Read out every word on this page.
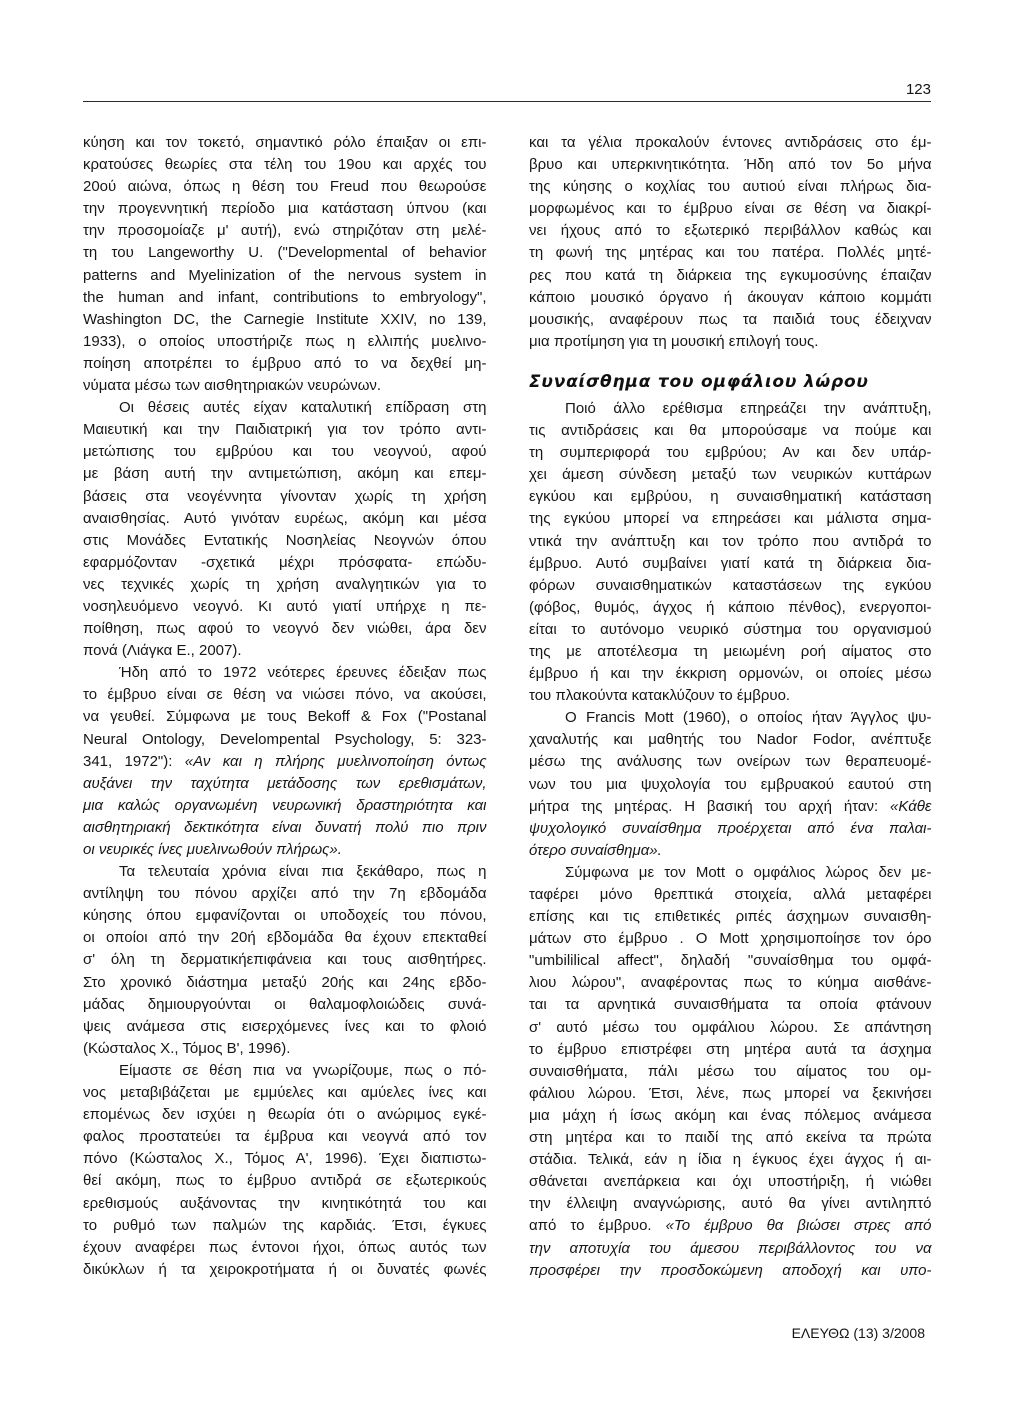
123
κύηση και τον τοκετό, σημαντικό ρόλο έπαιξαν οι επι-
κρατούσες θεωρίες στα τέλη του 19ου και αρχές του
20ού αιώνα, όπως η θέση του Freud που θεωρούσε
την προγεννητική περίοδο μια κατάσταση ύπνου (και
την προσομοίαζε μ' αυτή), ενώ στηριζόταν στη μελέ-
τη του Langeworthy U. ("Developmental of behavior
patterns and Myelinization of the nervous system in
the human and infant, contributions to embryology",
Washington DC, the Carnegie Institute XXIV, no 139,
1933), ο οποίος υποστήριζε πως η ελλιπής μυελινο-
ποίηση αποτρέπει το έμβρυο από το να δεχθεί μη-
νύματα μέσω των αισθητηριακών νευρώνων.
Οι θέσεις αυτές είχαν καταλυτική επίδραση στη
Μαιευτική και την Παιδιατρική για τον τρόπο αντι-
μετώπισης του εμβρύου και του νεογνού, αφού
με βάση αυτή την αντιμετώπιση, ακόμη και επεμ-
βάσεις στα νεογέννητα γίνονταν χωρίς τη χρήση
αναισθησίας. Αυτό γινόταν ευρέως, ακόμη και μέσα
στις Μονάδες Εντατικής Νοσηλείας Νεογνών όπου
εφαρμόζονταν -σχετικά μέχρι πρόσφατα- επώδυ-
νες τεχνικές χωρίς τη χρήση αναλγητικών για το
νοσηλευόμενο νεογνό. Κι αυτό γιατί υπήρχε η πε-
ποίθηση, πως αφού το νεογνό δεν νιώθει, άρα δεν
πονά (Λιάγκα Ε., 2007).
Ήδη από το 1972 νεότερες έρευνες έδειξαν πως
το έμβρυο είναι σε θέση να νιώσει πόνο, να ακούσει,
να γευθεί. Σύμφωνα με τους Bekoff & Fox ("Postanal
Neural Ontology, Develompental Psychology, 5: 323-
341, 1972"): «Αν και η πλήρης μυελινοποίηση όντως
αυξάνει την ταχύτητα μετάδοσης των ερεθισμάτων,
μια καλώς οργανωμένη νευρωνική δραστηριότητα και
αισθητηριακή δεκτικότητα είναι δυνατή πολύ πιο πριν
οι νευρικές ίνες μυελινωθούν πλήρως».
Τα τελευταία χρόνια είναι πια ξεκάθαρο, πως η
αντίληψη του πόνου αρχίζει από την 7η εβδομάδα
κύησης όπου εμφανίζονται οι υποδοχείς του πόνου,
οι οποίοι από την 20ή εβδομάδα θα έχουν επεκταθεί
σ' όλη τη δερματικήεπιφάνεια και τους αισθητήρες.
Στο χρονικό διάστημα μεταξύ 20ής και 24ης εβδο-
μάδας δημιουργούνται οι θαλαμοφλοιώδεις συνά-
ψεις ανάμεσα στις εισερχόμενες ίνες και το φλοιό
(Κώσταλος Χ., Τόμος Β', 1996).
Είμαστε σε θέση πια να γνωρίζουμε, πως ο πό-
νος μεταβιβάζεται με εμμύελες και αμύελες ίνες και
επομένως δεν ισχύει η θεωρία ότι ο ανώριμος εγκέ-
φαλος προστατεύει τα έμβρυα και νεογνά από τον
πόνο (Κώσταλος Χ., Τόμος Α', 1996). Έχει διαπιστω-
θεί ακόμη, πως το έμβρυο αντιδρά σε εξωτερικούς
ερεθισμούς αυξάνοντας την κινητικότητά του και
το ρυθμό των παλμών της καρδιάς. Έτσι, έγκυες
έχουν αναφέρει πως έντονοι ήχοι, όπως αυτός των
δικύκλων ή τα χειροκροτήματα ή οι δυνατές φωνές
και τα γέλια προκαλούν έντονες αντιδράσεις στο έμ-
βρυο και υπερκινητικότητα. Ήδη από τον 5ο μήνα
της κύησης ο κοχλίας του αυτιού είναι πλήρως δια-
μορφωμένος και το έμβρυο είναι σε θέση να διακρί-
νει ήχους από το εξωτερικό περιβάλλον καθώς και
τη φωνή της μητέρας και του πατέρα. Πολλές μητέ-
ρες που κατά τη διάρκεια της εγκυμοσύνης έπαιζαν
κάποιο μουσικό όργανο ή άκουγαν κάποιο κομμάτι
μουσικής, αναφέρουν πως τα παιδιά τους έδειχναν
μια προτίμηση για τη μουσική επιλογή τους.
Συναίσθημα του ομφάλιου λώρου
Ποιό άλλο ερέθισμα επηρεάζει την ανάπτυξη,
τις αντιδράσεις και θα μπορούσαμε να πούμε και
τη συμπεριφορά του εμβρύου; Αν και δεν υπάρ-
χει άμεση σύνδεση μεταξύ των νευρικών κυττάρων
εγκύου και εμβρύου, η συναισθηματική κατάσταση
της εγκύου μπορεί να επηρεάσει και μάλιστα σημα-
ντικά την ανάπτυξη και τον τρόπο που αντιδρά το
έμβρυο. Αυτό συμβαίνει γιατί κατά τη διάρκεια δια-
φόρων συναισθηματικών καταστάσεων της εγκύου
(φόβος, θυμός, άγχος ή κάποιο πένθος), ενεργοποι-
είται το αυτόνομο νευρικό σύστημα του οργανισμού
της με αποτέλεσμα τη μειωμένη ροή αίματος στο
έμβρυο ή και την έκκριση ορμονών, οι οποίες μέσω
του πλακούντα κατακλύζουν το έμβρυο.
Ο Francis Mott (1960), ο οποίος ήταν Άγγλος ψυ-
χαναλυτής και μαθητής του Nador Fodor, ανέπτυξε
μέσω της ανάλυσης των ονείρων των θεραπευομέ-
νων του μια ψυχολογία του εμβρυακού εαυτού στη
μήτρα της μητέρας. Η βασική του αρχή ήταν: «Κάθε
ψυχολογικό συναίσθημα προέρχεται από ένα παλαι-
ότερο συναίσθημα».
Σύμφωνα με τον Mott ο ομφάλιος λώρος δεν με-
ταφέρει μόνο θρεπτικά στοιχεία, αλλά μεταφέρει
επίσης και τις επιθετικές ριπές άσχημων συναισθη-
μάτων στο έμβρυο . Ο Mott χρησιμοποίησε τον όρο
"umbililical affect", δηλαδή "συναίσθημα του ομφά-
λιου λώρου", αναφέροντας πως το κύημα αισθάνε-
ται τα αρνητικά συναισθήματα τα οποία φτάνουν
σ' αυτό μέσω του ομφάλιου λώρου. Σε απάντηση
το έμβρυο επιστρέφει στη μητέρα αυτά τα άσχημα
συναισθήματα, πάλι μέσω του αίματος του ομ-
φάλιου λώρου. Έτσι, λένε, πως μπορεί να ξεκινήσει
μια μάχη ή ίσως ακόμη και ένας πόλεμος ανάμεσα
στη μητέρα και το παιδί της από εκείνα τα πρώτα
στάδια. Τελικά, εάν η ίδια η έγκυος έχει άγχος ή αι-
σθάνεται ανεπάρκεια και όχι υποστήριξη, ή νιώθει
την έλλειψη αναγνώρισης, αυτό θα γίνει αντιληπτό
από το έμβρυο. «Το έμβρυο θα βιώσει στρες από
την αποτυχία του άμεσου περιβάλλοντος του να
προσφέρει την προσδοκώμενη αποδοχή και υπο-
ΕΛΕΥΘΩ (13) 3/2008
